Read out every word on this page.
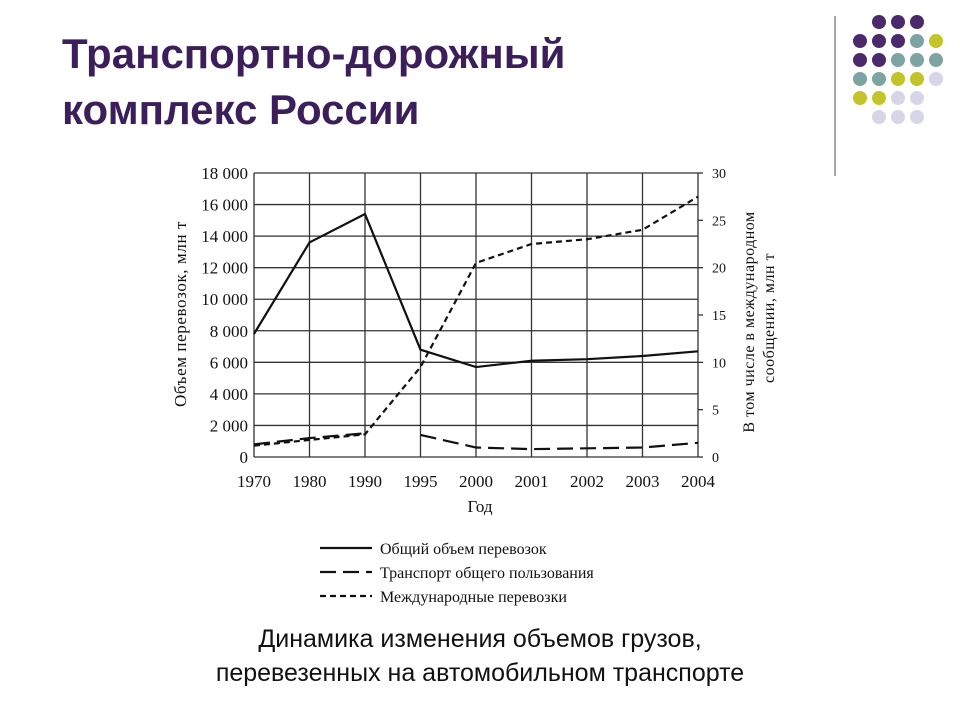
Транспортно-дорожный
комплекс России
0
2 000
4 000
6 000
8 000
10 000
12 000
14 000
16 000
18 000
1970 1980 1990 1995 2000 2001 2002 2003 2004
0
5
10
15
20
25
30
Объем перевозок, млн т	В том числе в международном сообщении, млн т
Год
Общий объем перевозок
Транспорт общего пользования
Международные перевозки
Динамика изменения объемов грузов,
перевезенных на автомобильном транспорте
